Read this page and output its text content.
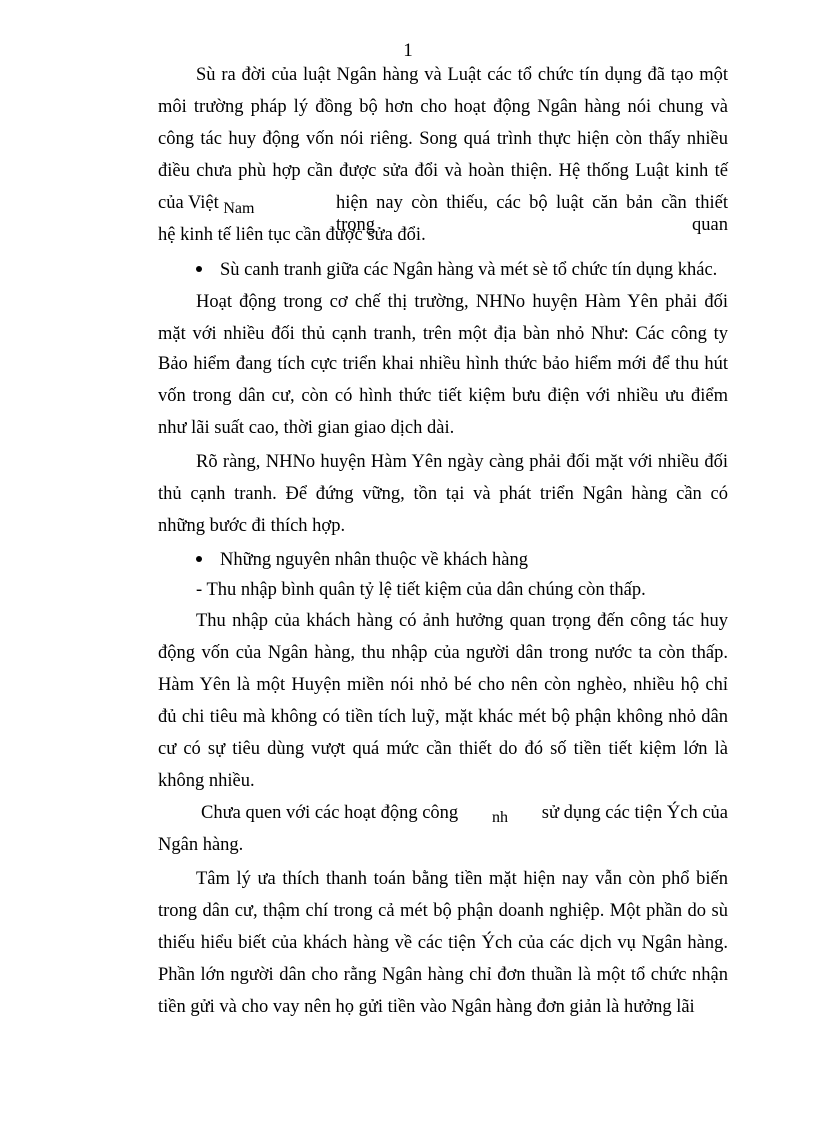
1
Sù ra đời của luật Ngân hàng và Luật các tổ chức tín dụng đã tạo một
môi trường pháp lý đồng bộ hơn cho hoạt động Ngân hàng nói chung và
công tác huy động vốn nói riêng. Song quá trình thực hiện còn thấy nhiều
điều chưa phù hợp cần được sửa đổi và hoàn thiện. Hệ thống Luật kinh tế
của Việt Nam	hiện nay còn thiếu, các bộ luật căn bản cần thiết trong quan
hệ kinh tế liên tục cần được sửa đổi.
Sù canh tranh giữa các Ngân hàng và mét sè tổ chức tín dụng khác.
Hoạt động trong cơ chế thị trường, NHNo huyện Hàm Yên phải đối
mặt với nhiều đối thủ cạnh tranh, trên một địa bàn nhỏ Như: Các công ty
Bảo hiểm đang tích cực triển khai nhiều hình thức bảo hiểm mới để thu hút
vốn trong dân cư, còn có hình thức tiết kiệm bưu điện với nhiều ưu điểm
như lãi suất cao, thời gian giao dịch dài.
Rõ ràng, NHNo huyện Hàm Yên ngày càng phải đối mặt với nhiều đối
thủ cạnh tranh. Để đứng vững, tồn tại và phát triển Ngân hàng cần có
những bước đi thích hợp.
Những nguyên nhân thuộc về khách hàng
- Thu nhập bình quân tỷ lệ tiết kiệm của dân chúng còn thấp.
Thu nhập của khách hàng có ảnh hưởng quan trọng đến công tác huy
động vốn của Ngân hàng, thu nhập của người dân trong nước ta còn thấp.
Hàm Yên là một Huyện miền nói nhỏ bé cho nên còn nghèo, nhiều hộ chỉ
đủ chi tiêu mà không có tiền tích luỹ, mặt khác mét bộ phận không nhỏ dân
cư có sự tiêu dùng vượt quá mức cần thiết do đó số tiền tiết kiệm lớn là
không nhiều.
Chưa quen với các hoạt động công nh sử dụng các tiện Ých của
Ngân hàng.
Tâm lý ưa thích thanh toán bằng tiền mặt hiện nay vẫn còn phổ biến
trong dân cư, thậm chí trong cả mét bộ phận doanh nghiệp. Một phần do sù
thiếu hiểu biết của khách hàng về các tiện Ých của các dịch vụ Ngân hàng.
Phần lớn người dân cho rằng Ngân hàng chỉ đơn thuần là một tổ chức nhận
tiền gửi và cho vay nên họ gửi tiền vào Ngân hàng đơn giản là hưởng lãi
